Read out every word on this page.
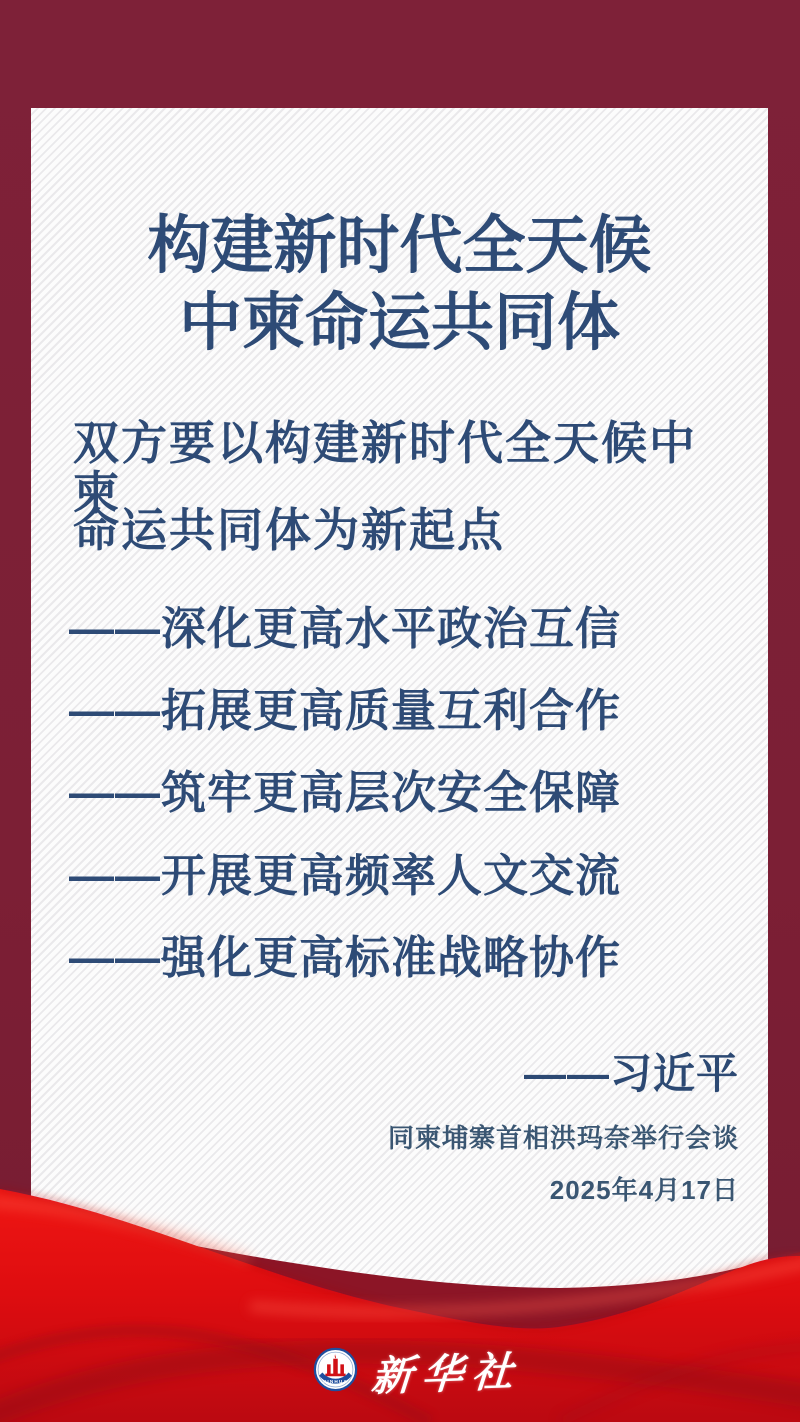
构建新时代全天候
中柬命运共同体
双方要以构建新时代全天候中柬
命运共同体为新起点
——深化更高水平政治互信
——拓展更高质量互利合作
——筑牢更高层次安全保障
——开展更高频率人文交流
——强化更高标准战略协作
——习近平
同柬埔寨首相洪玛奈举行会谈
2025年4月17日
XINHUA 新华社
